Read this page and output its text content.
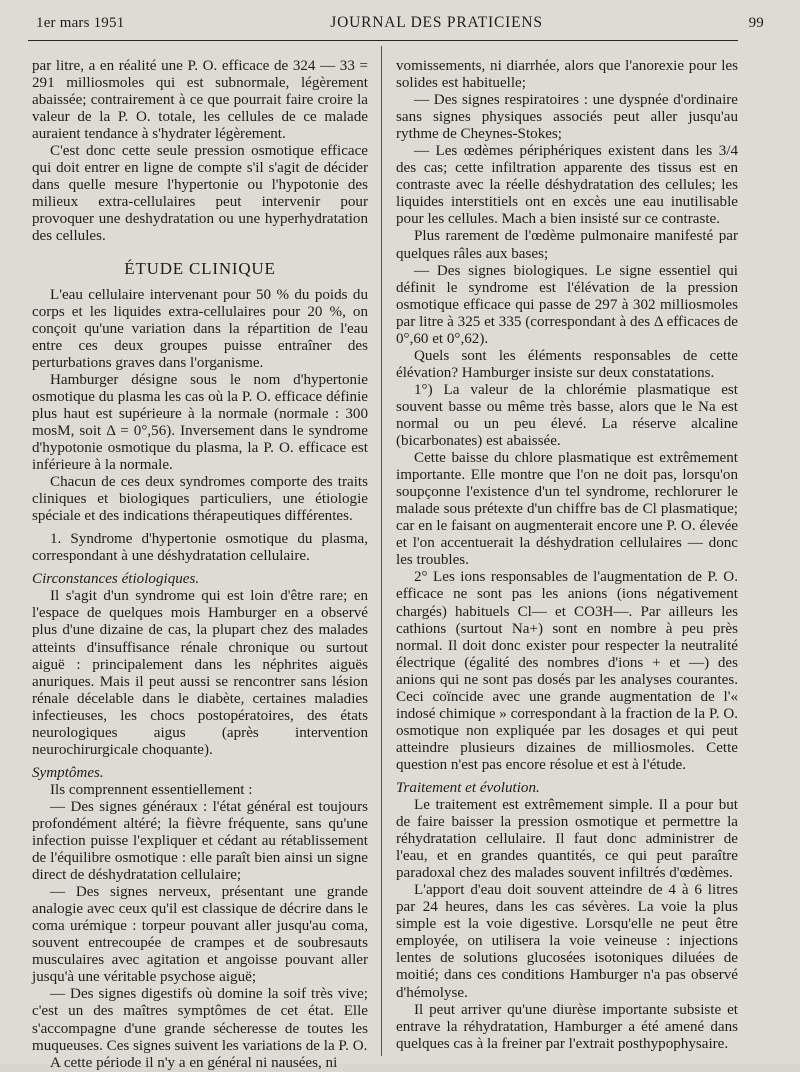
1er mars 1951	JOURNAL DES PRATICIENS	99

par litre, a en réalité une P. O. efficace de 324 — 33 = 291 milliosmoles qui est subnormale, légèrement abaissée; contrairement à ce que pourrait faire croire la valeur de la P. O. totale, les cellules de ce malade auraient tendance à s'hydrater légèrement.

C'est donc cette seule pression osmotique efficace qui doit entrer en ligne de compte s'il s'agit de décider dans quelle mesure l'hypertonie ou l'hypotonie des milieux extra-cellulaires peut intervenir pour provoquer une deshydratation ou une hyperhydratation des cellules.

ÉTUDE CLINIQUE

L'eau cellulaire intervenant pour 50 % du poids du corps et les liquides extra-cellulaires pour 20 %, on conçoit qu'une variation dans la répartition de l'eau entre ces deux groupes puisse entraîner des perturbations graves dans l'organisme.

Hamburger désigne sous le nom d'hypertonie osmotique du plasma les cas où la P. O. efficace définie plus haut est supérieure à la normale (normale : 300 mosM, soit Δ = 0°,56). Inversement dans le syndrome d'hypotonie osmotique du plasma, la P. O. efficace est inférieure à la normale.

Chacun de ces deux syndromes comporte des traits cliniques et biologiques particuliers, une étiologie spéciale et des indications thérapeutiques différentes.

1. Syndrome d'hypertonie osmotique du plasma, correspondant à une déshydratation cellulaire.

Circonstances étiologiques.

Il s'agit d'un syndrome qui est loin d'être rare; en l'espace de quelques mois Hamburger en a observé plus d'une dizaine de cas, la plupart chez des malades atteints d'insuffisance rénale chronique ou surtout aiguë : principalement dans les néphrites aiguës anuriques. Mais il peut aussi se rencontrer sans lésion rénale décelable dans le diabète, certaines maladies infectieuses, les chocs postopératoires, des états neurologiques aigus (après intervention neurochirurgicale choquante).

Symptômes.

Ils comprennent essentiellement :

— Des signes généraux : l'état général est toujours profondément altéré; la fièvre fréquente, sans qu'une infection puisse l'expliquer et cédant au rétablissement de l'équilibre osmotique : elle paraît bien ainsi un signe direct de déshydratation cellulaire;

— Des signes nerveux, présentant une grande analogie avec ceux qu'il est classique de décrire dans le coma urémique : torpeur pouvant aller jusqu'au coma, souvent entrecoupée de crampes et de soubresauts musculaires avec agitation et angoisse pouvant aller jusqu'à une véritable psychose aiguë;

— Des signes digestifs où domine la soif très vive; c'est un des maîtres symptômes de cet état. Elle s'accompagne d'une grande sécheresse de toutes les muqueuses. Ces signes suivent les variations de la P. O.

A cette période il n'y a en général ni nausées, ni

vomissements, ni diarrhée, alors que l'anorexie pour les solides est habituelle;

— Des signes respiratoires : une dyspnée d'ordinaire sans signes physiques associés peut aller jusqu'au rythme de Cheynes-Stokes;

— Les œdèmes périphériques existent dans les 3/4 des cas; cette infiltration apparente des tissus est en contraste avec la réelle déshydratation des cellules; les liquides interstitiels ont en excès une eau inutilisable pour les cellules. Mach a bien insisté sur ce contraste.

Plus rarement de l'œdème pulmonaire manifesté par quelques râles aux bases;

— Des signes biologiques. Le signe essentiel qui définit le syndrome est l'élévation de la pression osmotique efficace qui passe de 297 à 302 milliosmoles par litre à 325 et 335 (correspondant à des Δ efficaces de 0°,60 et 0°,62).

Quels sont les éléments responsables de cette élévation? Hamburger insiste sur deux constatations.

1°) La valeur de la chlorémie plasmatique est souvent basse ou même très basse, alors que le Na est normal ou un peu élevé. La réserve alcaline (bicarbonates) est abaissée.

Cette baisse du chlore plasmatique est extrêmement importante. Elle montre que l'on ne doit pas, lorsqu'on soupçonne l'existence d'un tel syndrome, rechlorurer le malade sous prétexte d'un chiffre bas de Cl plasmatique; car en le faisant on augmenterait encore une P. O. élevée et l'on accentuerait la déshydration cellulaires — donc les troubles.

2° Les ions responsables de l'augmentation de P. O. efficace ne sont pas les anions (ions négativement chargés) habituels Cl— et CO3H—. Par ailleurs les cathions (surtout Na+) sont en nombre à peu près normal. Il doit donc exister pour respecter la neutralité électrique (égalité des nombres d'ions + et —) des anions qui ne sont pas dosés par les analyses courantes. Ceci coïncide avec une grande augmentation de l'« indosé chimique » correspondant à la fraction de la P. O. osmotique non expliquée par les dosages et qui peut atteindre plusieurs dizaines de milliosmoles. Cette question n'est pas encore résolue et est à l'étude.

Traitement et évolution.

Le traitement est extrêmement simple. Il a pour but de faire baisser la pression osmotique et permettre la réhydratation cellulaire. Il faut donc administrer de l'eau, et en grandes quantités, ce qui peut paraître paradoxal chez des malades souvent infiltrés d'œdèmes.

L'apport d'eau doit souvent atteindre de 4 à 6 litres par 24 heures, dans les cas sévères. La voie la plus simple est la voie digestive. Lorsqu'elle ne peut être employée, on utilisera la voie veineuse : injections lentes de solutions glucosées isotoniques diluées de moitié; dans ces conditions Hamburger n'a pas observé d'hémolyse.

Il peut arriver qu'une diurèse importante subsiste et entrave la réhydratation, Hamburger a été amené dans quelques cas à la freiner par l'extrait posthypophysaire.
